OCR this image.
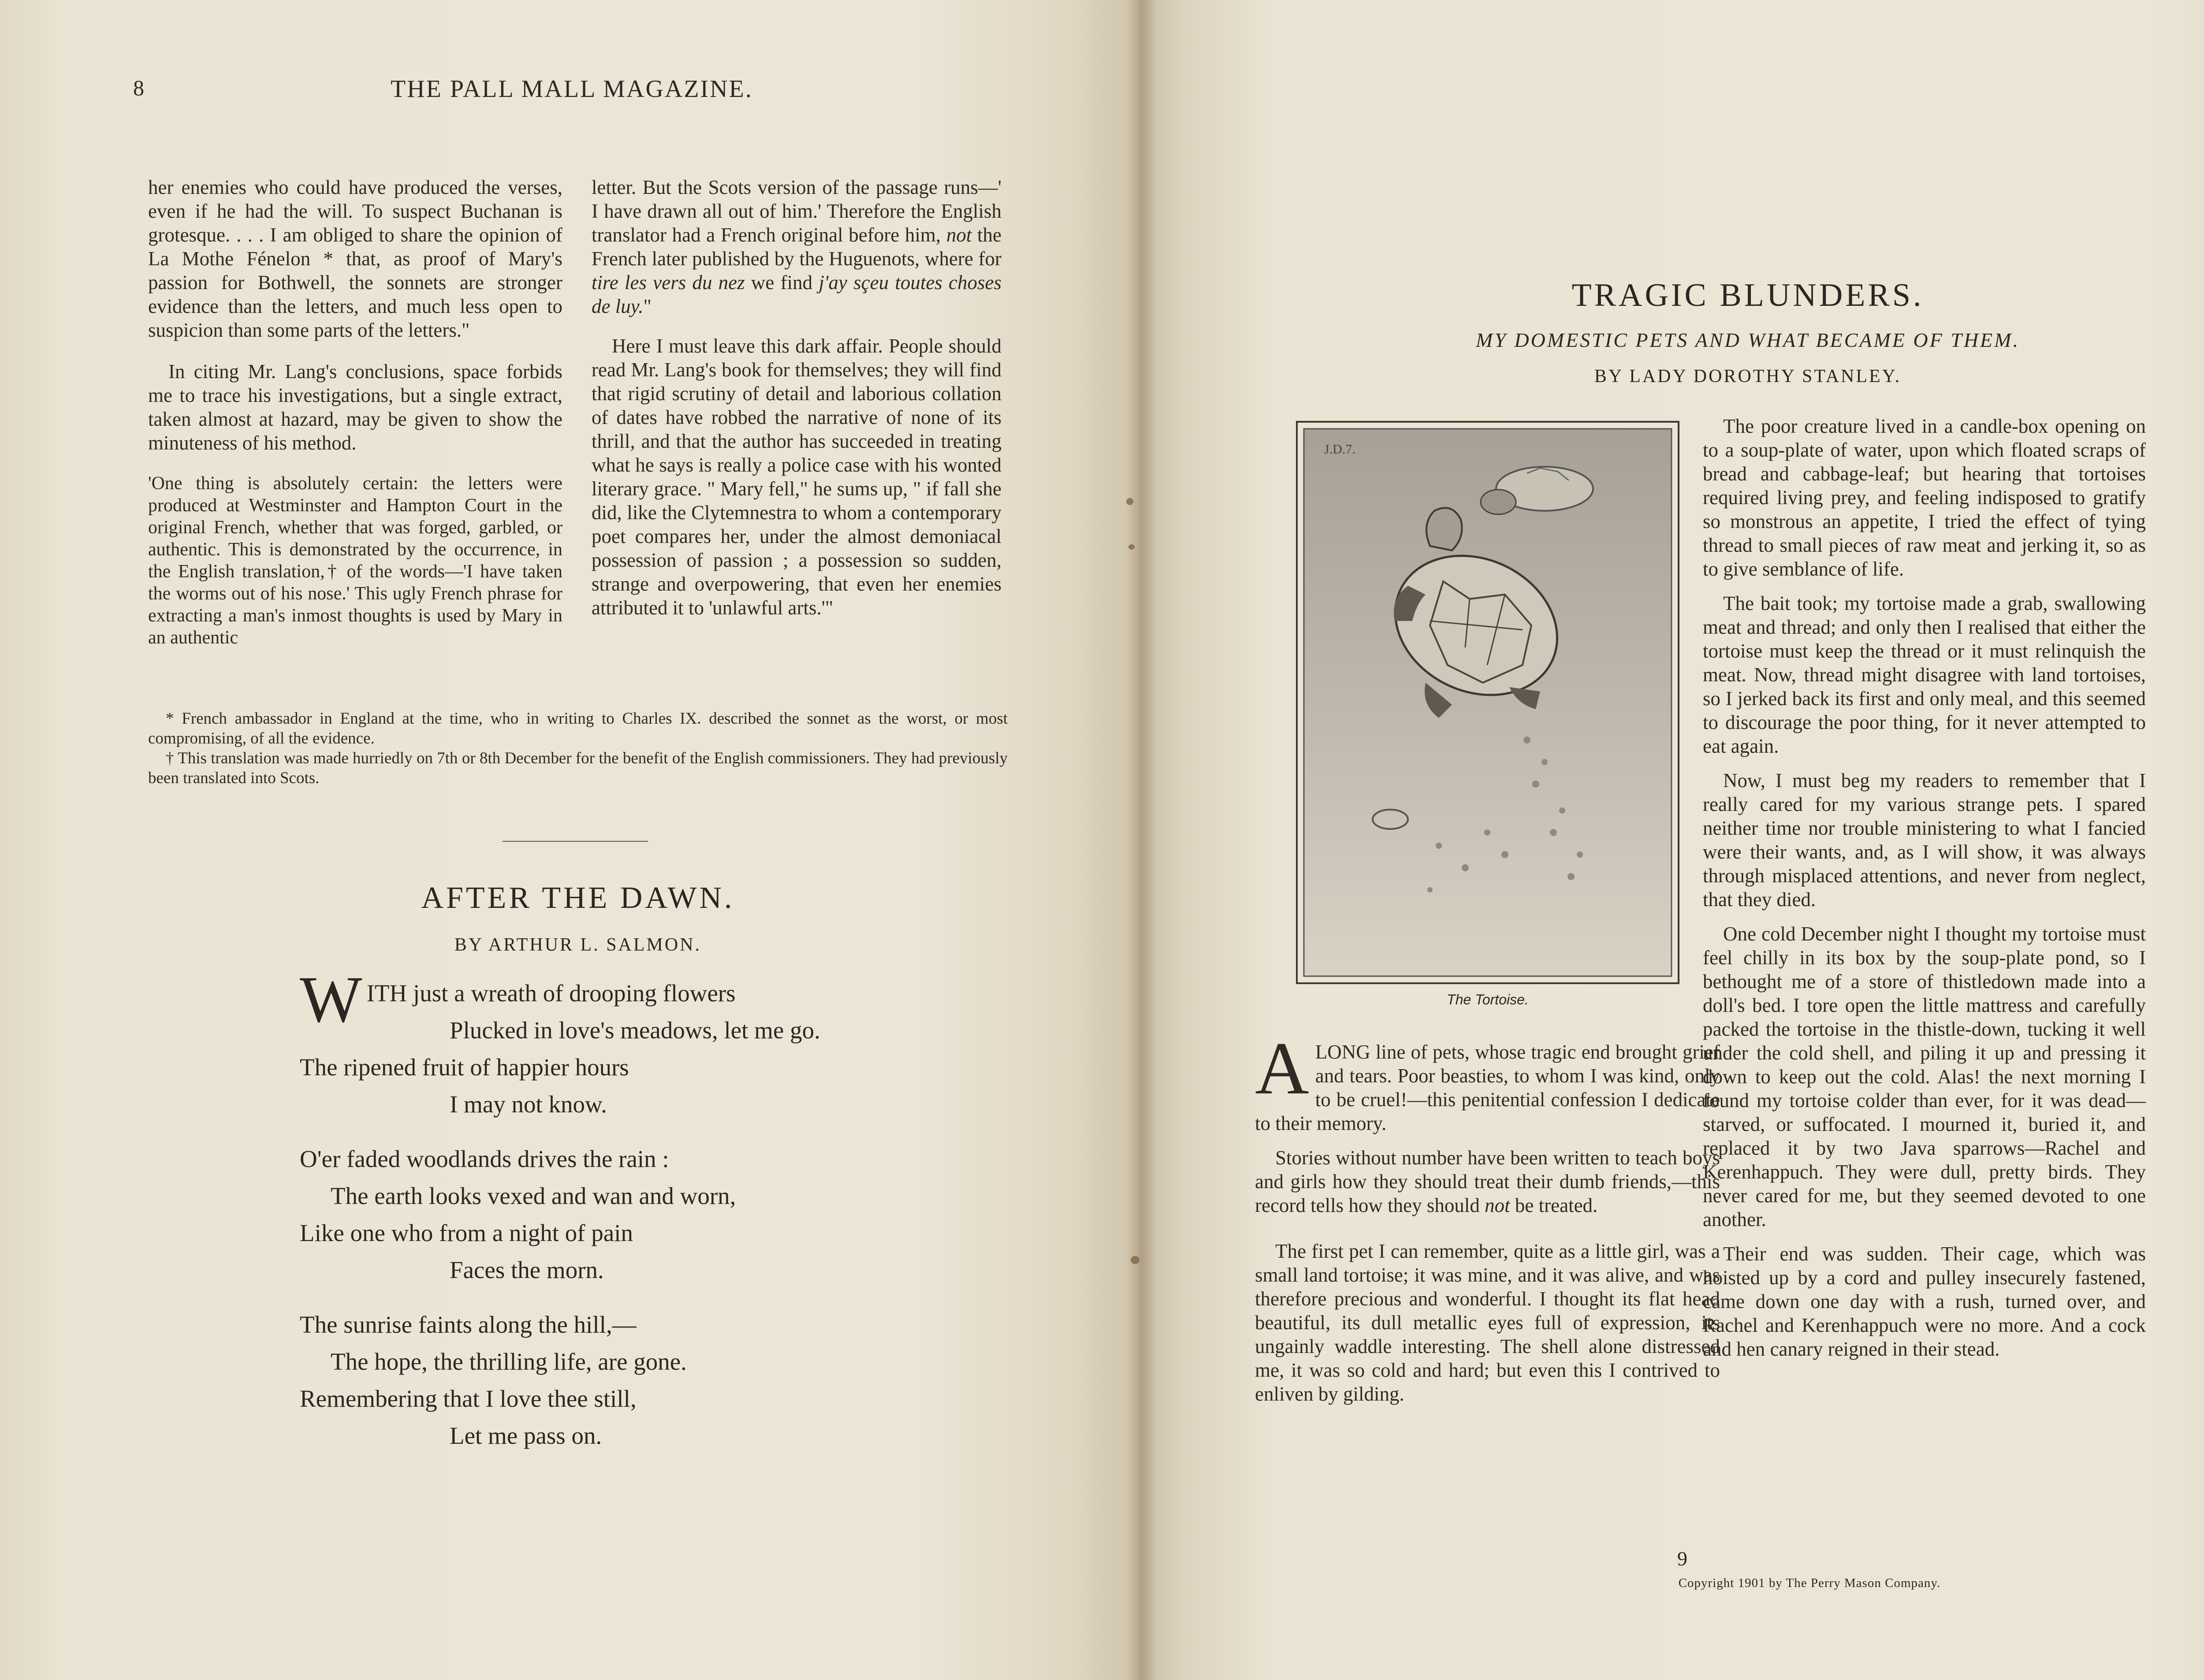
8	THE PALL MALL MAGAZINE.

her enemies who could have produced the verses, even if he had the will. To suspect Buchanan is grotesque. . . . I am obliged to share the opinion of La Mothe Fénelon * that, as proof of Mary's passion for Bothwell, the sonnets are stronger evidence than the letters, and much less open to suspicion than some parts of the letters."

In citing Mr. Lang's conclusions, space forbids me to trace his investigations, but a single extract, taken almost at hazard, may be given to show the minuteness of his method.

'One thing is absolutely certain: the letters were produced at Westminster and Hampton Court in the original French, whether that was forged, garbled, or authentic. This is demonstrated by the occurrence, in the English translation,† of the words—'I have taken the worms out of his nose.' This ugly French phrase for extracting a man's inmost thoughts is used by Mary in an authentic

letter. But the Scots version of the passage runs—' I have drawn all out of him.' Therefore the English translator had a French original before him, not the French later published by the Huguenots, where for tire les vers du nez we find j'ay sçeu toutes choses de luy."

Here I must leave this dark affair. People should read Mr. Lang's book for themselves; they will find that rigid scrutiny of detail and laborious collation of dates have robbed the narrative of none of its thrill, and that the author has succeeded in treating what he says is really a police case with his wonted literary grace. " Mary fell," he sums up, " if fall she did, like the Clytemnestra to whom a contemporary poet compares her, under the almost demoniacal possession of passion ; a possession so sudden, strange and overpowering, that even her enemies attributed it to 'unlawful arts.'"

* French ambassador in England at the time, who in writing to Charles IX. described the sonnet as the worst, or most compromising, of all the evidence.

† This translation was made hurriedly on 7th or 8th December for the benefit of the English commissioners. They had previously been translated into Scots.

AFTER THE DAWN.
BY ARTHUR L. SALMON.
WITH just a wreath of drooping flowers
Plucked in love's meadows, let me go.
The ripened fruit of happier hours
I may not know.
O'er faded woodlands drives the rain :
The earth looks vexed and wan and worn,
Like one who from a night of pain
Faces the morn.
The sunrise faints along the hill,—
The hope, the thrilling life, are gone.
Remembering that I love thee still,
Let me pass on.
TRAGIC BLUNDERS.
MY DOMESTIC PETS AND WHAT BECAME OF THEM.
BY LADY DOROTHY STANLEY.
J.D.7.
The Tortoise.

ALONG line of pets, whose tragic end brought grief and tears. Poor beasties, to whom I was kind, only to be cruel!—this penitential confession I dedicate to their memory.

Stories without number have been written to teach boys and girls how they should treat their dumb friends,—this record tells how they should not be treated.

The first pet I can remember, quite as a little girl, was a small land tortoise; it was mine, and it was alive, and was therefore precious and wonderful. I thought its flat head beautiful, its dull metallic eyes full of expression, its ungainly waddle interesting. The shell alone distressed me, it was so cold and hard; but even this I contrived to enliven by gilding.

The poor creature lived in a candle-box opening on to a soup-plate of water, upon which floated scraps of bread and cabbage-leaf; but hearing that tortoises required living prey, and feeling indisposed to gratify so monstrous an appetite, I tried the effect of tying thread to small pieces of raw meat and jerking it, so as to give semblance of life.

The bait took; my tortoise made a grab, swallowing meat and thread; and only then I realised that either the tortoise must keep the thread or it must relinquish the meat. Now, thread might disagree with land tortoises, so I jerked back its first and only meal, and this seemed to discourage the poor thing, for it never attempted to eat again.

Now, I must beg my readers to remember that I really cared for my various strange pets. I spared neither time nor trouble ministering to what I fancied were their wants, and, as I will show, it was always through misplaced attentions, and never from neglect, that they died.

One cold December night I thought my tortoise must feel chilly in its box by the soup-plate pond, so I bethought me of a store of thistledown made into a doll's bed. I tore open the little mattress and carefully packed the tortoise in the thistle-down, tucking it well under the cold shell, and piling it up and pressing it down to keep out the cold. Alas! the next morning I found my tortoise colder than ever, for it was dead—starved, or suffocated. I mourned it, buried it, and replaced it by two Java sparrows—Rachel and Kerenhappuch. They were dull, pretty birds. They never cared for me, but they seemed devoted to one another.

Their end was sudden. Their cage, which was hoisted up by a cord and pulley insecurely fastened, came down one day with a rush, turned over, and Rachel and Kerenhappuch were no more. And a cock and hen canary reigned in their stead.

9
Copyright 1901 by The Perry Mason Company.
